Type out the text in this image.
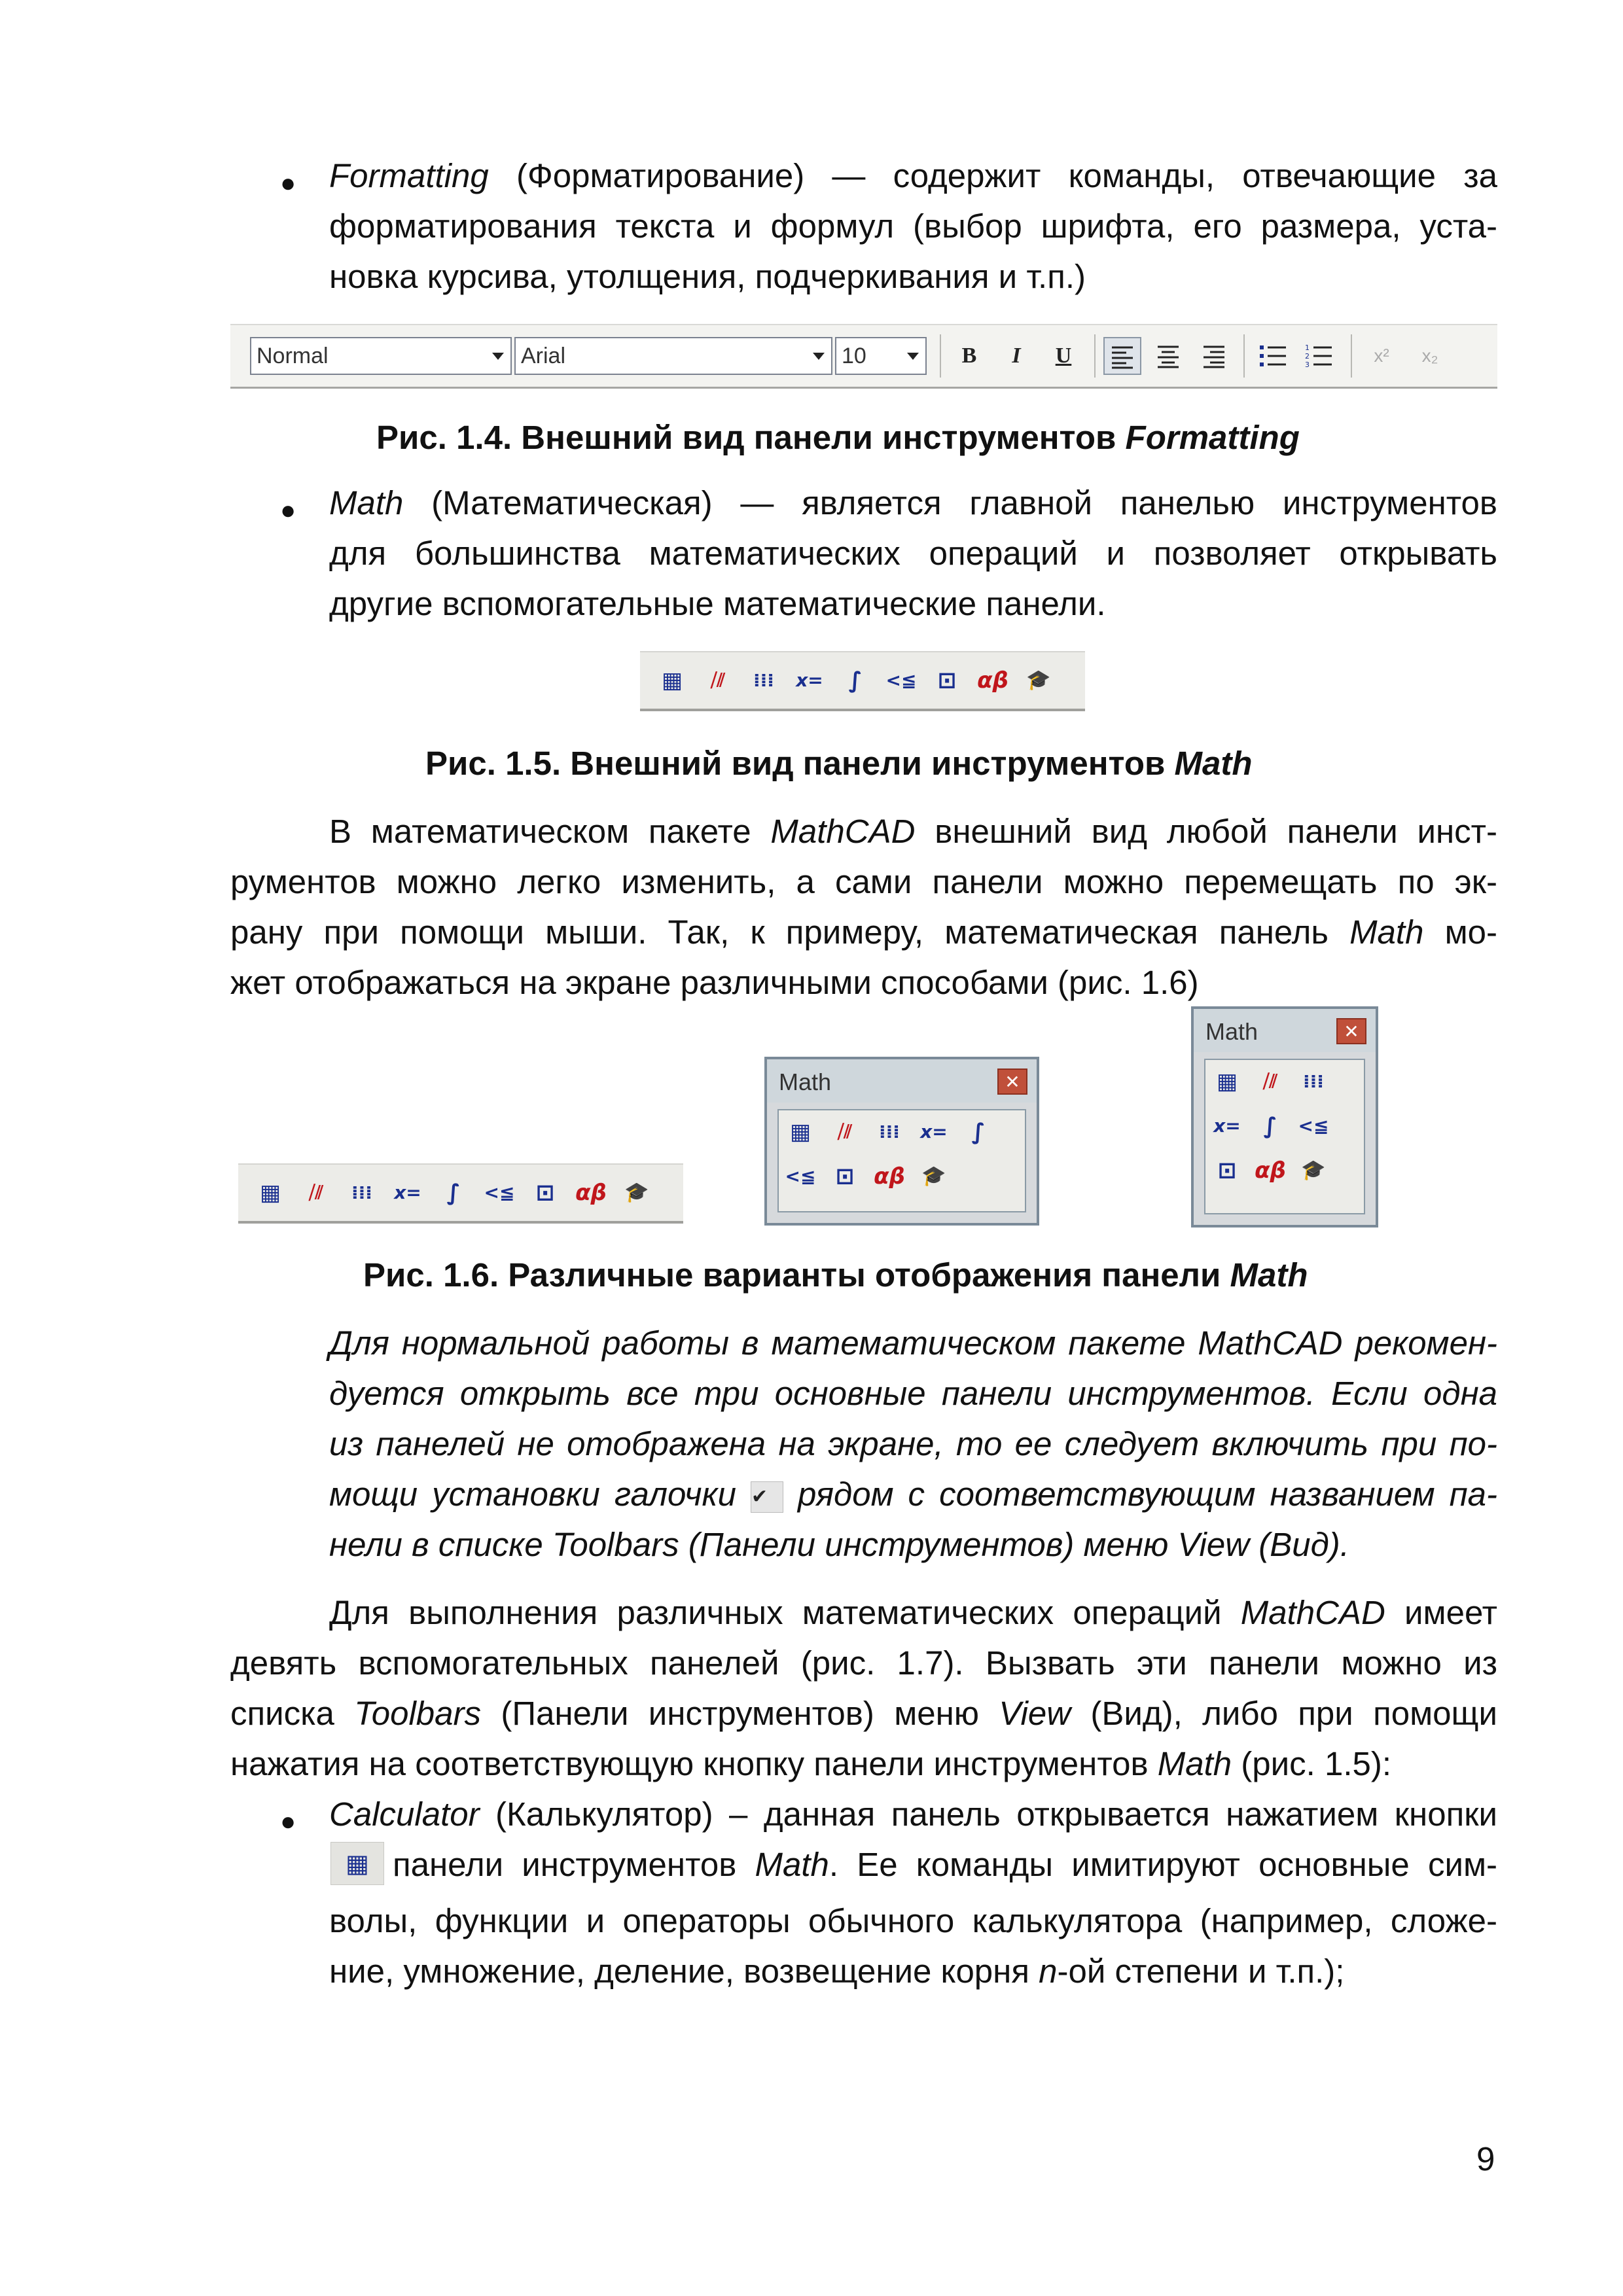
● Formatting (Форматирование) — содержит команды, отвечающие за
форматирования текста и формул (выбор шрифта, его размера, уста-
новка курсива, утолщения, подчеркивания и т.п.)
Normal	Arial	10	B	I	U	1
2
3	x²	x₂
Рис. 1.4. Внешний вид панели инструментов Formatting
● Math (Математическая) — является главной панелью инструментов
для большинства математических операций и позволяет открывать
другие вспомогательные математические панели.
▦	⧸⫽	⁞⁞⁞	x=	∫	<≦ ⊡ αβ 🎓
Рис. 1.5. Внешний вид панели инструментов Math
В математическом пакете MathCAD внешний вид любой панели инст-
рументов можно легко изменить, а сами панели можно перемещать по эк-
рану при помощи мыши. Так, к примеру, математическая панель Math мо-
жет отображаться на экране различными способами (рис. 1.6)
▦	⧸⫽	⁞⁞⁞	x=	∫	<≦ ⊡ αβ 🎓
Math	✕
▦	⧸⫽	⁞⁞⁞	x=	∫
<≦ ⊡ αβ 🎓
Math	✕
▦	⧸⫽	⁞⁞⁞
x=	∫	<≦
⊡ αβ 🎓
Рис. 1.6. Различные варианты отображения панели Math
Для нормальной работы в математическом пакете MathCAD рекомен-
дуется открыть все три основные панели инструментов. Если одна
из панелей не отображена на экране, то ее следует включить при по-
мощи установки галочки ✔ рядом с соответствующим названием па-
нели в списке Toolbars (Панели инструментов) меню View (Вид).
Для выполнения различных математических операций MathCAD имеет
девять вспомогательных панелей (рис. 1.7). Вызвать эти панели можно из
списка Toolbars (Панели инструментов) меню View (Вид), либо при помощи
нажатия на соответствующую кнопку панели инструментов Math (рис. 1.5):
● Calculator (Калькулятор) – данная панель открывается нажатием кнопки
▦ панели инструментов Math. Ее команды имитируют основные сим-
волы, функции и операторы обычного калькулятора (например, сложе-
ние, умножение, деление, возвещение корня n-ой степени и т.п.);
9
